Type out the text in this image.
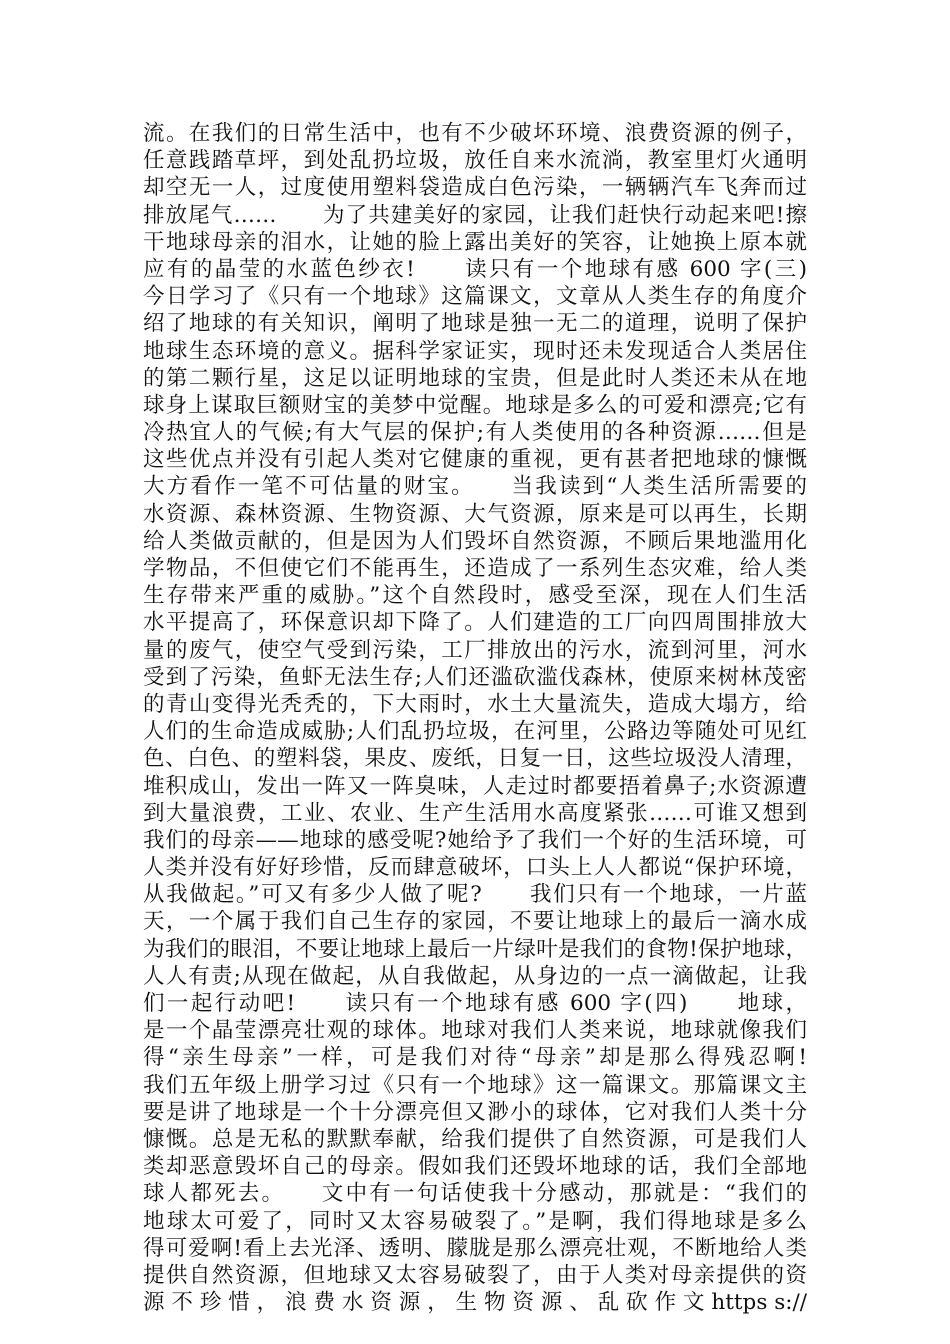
流。在我们的日常生活中，也有不少破坏环境、浪费资源的例子，
任意践踏草坪，到处乱扔垃圾，放任自来水流淌，教室里灯火通明
却空无一人，过度使用塑料袋造成白色污染，一辆辆汽车飞奔而过
排放尾气……　　为了共建美好的家园，让我们赶快行动起来吧!擦
干地球母亲的泪水，让她的脸上露出美好的笑容，让她换上原本就
应有的晶莹的水蓝色纱衣!　　读只有一个地球有感 600 字(三)
今日学习了《只有一个地球》这篇课文，文章从人类生存的角度介
绍了地球的有关知识，阐明了地球是独一无二的道理，说明了保护
地球生态环境的意义。据科学家证实，现时还未发现适合人类居住
的第二颗行星，这足以证明地球的宝贵，但是此时人类还未从在地
球身上谋取巨额财宝的美梦中觉醒。地球是多么的可爱和漂亮;它有
冷热宜人的气候;有大气层的保护;有人类使用的各种资源……但是
这些优点并没有引起人类对它健康的重视，更有甚者把地球的慷慨
大方看作一笔不可估量的财宝。　　当我读到“人类生活所需要的
水资源、森林资源、生物资源、大气资源，原来是可以再生，长期
给人类做贡献的，但是因为人们毁坏自然资源，不顾后果地滥用化
学物品，不但使它们不能再生，还造成了一系列生态灾难，给人类
生存带来严重的威胁。”这个自然段时，感受至深，现在人们生活
水平提高了，环保意识却下降了。人们建造的工厂向四周围排放大
量的废气，使空气受到污染，工厂排放出的污水，流到河里，河水
受到了污染，鱼虾无法生存;人们还滥砍滥伐森林，使原来树林茂密
的青山变得光秃秃的，下大雨时，水土大量流失，造成大塌方，给
人们的生命造成威胁;人们乱扔垃圾，在河里，公路边等随处可见红
色、白色、的塑料袋，果皮、废纸，日复一日，这些垃圾没人清理，
堆积成山，发出一阵又一阵臭味，人走过时都要捂着鼻子;水资源遭
到大量浪费，工业、农业、生产生活用水高度紧张……可谁又想到
我们的母亲——地球的感受呢?她给予了我们一个好的生活环境，可
人类并没有好好珍惜，反而肆意破坏，口头上人人都说“保护环境，
从我做起。”可又有多少人做了呢?　　我们只有一个地球，一片蓝
天，一个属于我们自己生存的家园，不要让地球上的最后一滴水成
为我们的眼泪，不要让地球上最后一片绿叶是我们的食物!保护地球，
人人有责;从现在做起，从自我做起，从身边的一点一滴做起，让我
们一起行动吧!　　读只有一个地球有感 600 字(四)　　地球，
是一个晶莹漂亮壮观的球体。地球对我们人类来说，地球就像我们
得“亲生母亲”一样，可是我们对待“母亲”却是那么得残忍啊!
我们五年级上册学习过《只有一个地球》这一篇课文。那篇课文主
要是讲了地球是一个十分漂亮但又渺小的球体，它对我们人类十分
慷慨。总是无私的默默奉献，给我们提供了自然资源，可是我们人
类却恶意毁坏自己的母亲。假如我们还毁坏地球的话，我们全部地
球人都死去。　　文中有一句话使我十分感动，那就是：“我们的
地球太可爱了，同时又太容易破裂了。”是啊，我们得地球是多么
得可爱啊!看上去光泽、透明、朦胧是那么漂亮壮观，不断地给人类
提供自然资源，但地球又太容易破裂了，由于人类对母亲提供的资
源 不 珍 惜 ， 浪 费 水 资 源 ， 生 物 资 源 、 乱 砍 作 文 https s://
